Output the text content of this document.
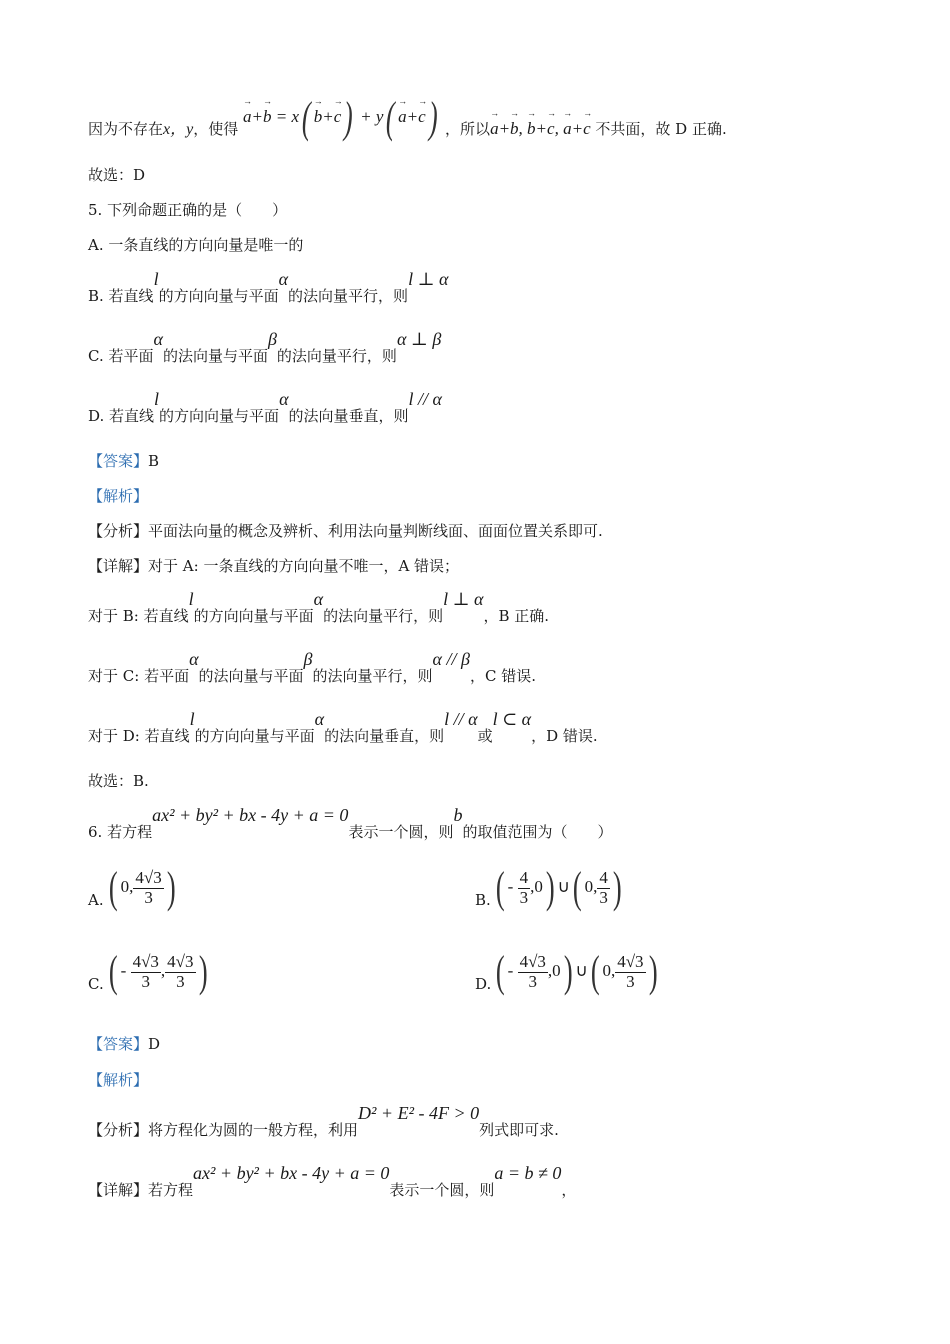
因为不存在x，y，使得 → a+→ b = x( → b+→ c) + y( → a+→ c) ，所以→ a+→ b, → b+→ c, → a+→ c 不共面，故 D 正确.
故选：D
5. 下列命题正确的是（　　）
A. 一条直线的方向向量是唯一的
B. 若直线l的方向向量与平面α的法向量平行，则l ⊥ α
C. 若平面α的法向量与平面β的法向量平行，则α ⊥ β
D. 若直线l的方向向量与平面α的法向量垂直，则l // α
【答案】B
【解析】
【分析】平面法向量的概念及辨析、利用法向量判断线面、面面位置关系即可.
【详解】对于 A: 一条直线的方向向量不唯一，A 错误；
对于 B: 若直线l的方向向量与平面α的法向量平行，则l ⊥ α，B 正确.
对于 C: 若平面α的法向量与平面β的法向量平行，则α // β，C 错误.
对于 D: 若直线l的方向向量与平面α的法向量垂直，则l // α或l ⊂ α，D 错误.
故选：B.
6. 若方程ax² + by² + bx - 4y + a = 0表示一个圆，则b的取值范围为（　　）
A. ( 0, $\frac{4√3}{3}$ )	B. ( - $\frac{4}{3} ,0$) ∪( 0, $\frac{4}{3}$ )
C. ( - $\frac{4√3}{3}$ , $\frac{4√3}{3}$ )	D. ( - $\frac{4√3}{3} ,0$) ∪( 0, $\frac{4√3}{3}$ )
【答案】D
【解析】
【分析】将方程化为圆的一般方程，利用D² + E² - 4F > 0列式即可求.
【详解】若方程ax² + by² + bx - 4y + a = 0表示一个圆，则a = b ≠ 0，
